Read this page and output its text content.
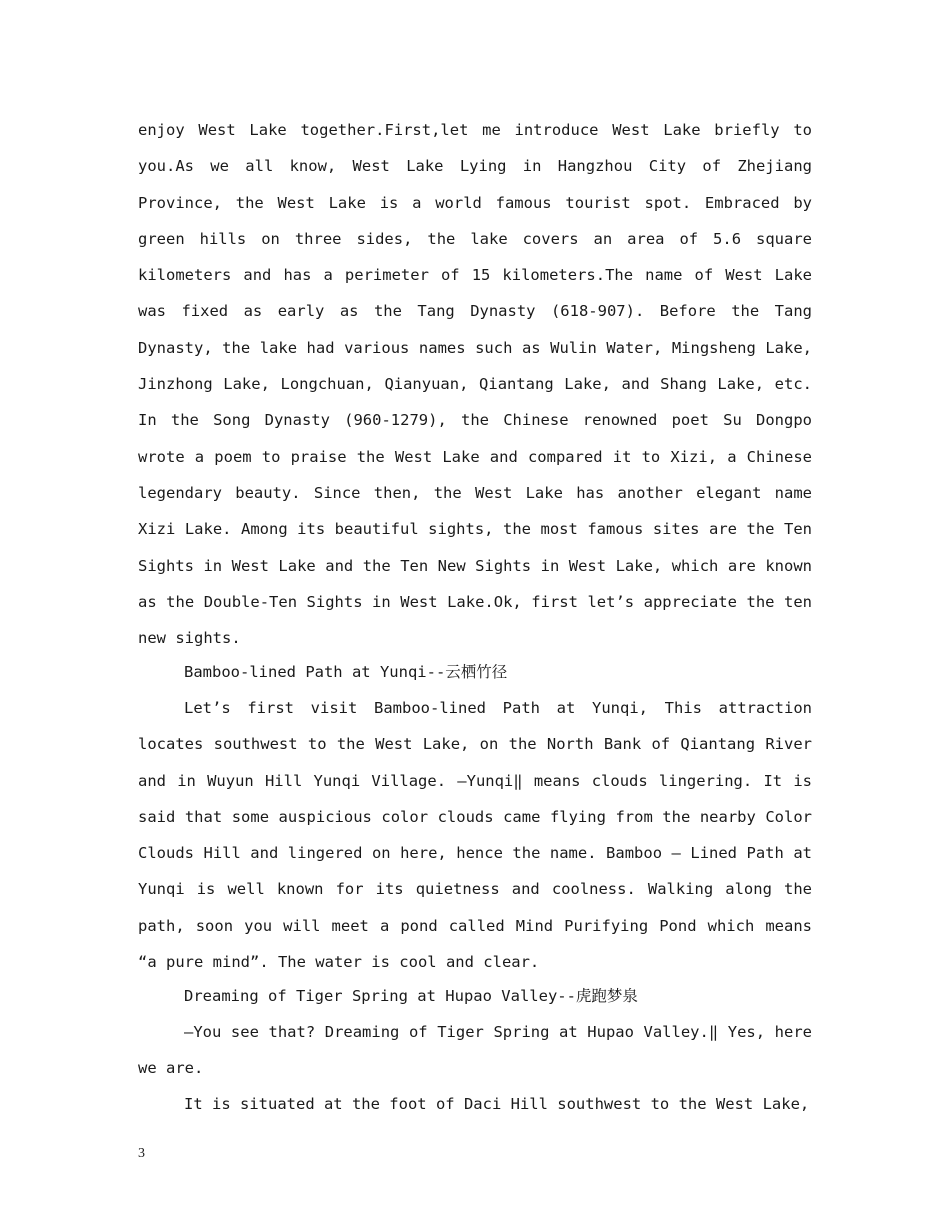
enjoy West Lake together.First,let me introduce West Lake briefly to you.As we all know, West Lake Lying in Hangzhou City of Zhejiang Province, the West Lake is a world famous tourist spot. Embraced by green hills on three sides, the lake covers an area of 5.6 square kilometers and has a perimeter of 15 kilometers.The name of West Lake was fixed as early as the Tang Dynasty (618-907). Before the Tang Dynasty, the lake had various names such as Wulin Water, Mingsheng Lake, Jinzhong Lake, Longchuan, Qianyuan, Qiantang Lake, and Shang Lake, etc. In the Song Dynasty (960-1279), the Chinese renowned poet Su Dongpo wrote a poem to praise the West Lake and compared it to Xizi, a Chinese legendary beauty. Since then, the West Lake has another elegant name Xizi Lake. Among its beautiful sights, the most famous sites are the Ten Sights in West Lake and the Ten New Sights in West Lake, which are known as the Double-Ten Sights in West Lake.Ok, first let’s appreciate the ten new sights.

Bamboo-lined Path at Yunqi--云栖竹径

Let’s first visit Bamboo-lined Path at Yunqi, This attraction locates southwest to the West Lake, on the North Bank of Qiantang River and in Wuyun Hill Yunqi Village. ―Yunqi‖ means clouds lingering. It is said that some auspicious color clouds came flying from the nearby Color Clouds Hill and lingered on here, hence the name. Bamboo – Lined Path at Yunqi is well known for its quietness and coolness. Walking along the path, soon you will meet a pond called Mind Purifying Pond which means “a pure mind”. The water is cool and clear.

Dreaming of Tiger Spring at Hupao Valley--虎跑梦泉

―You see that? Dreaming of Tiger Spring at Hupao Valley.‖ Yes, here we are.

It is situated at the foot of Daci Hill southwest to the West Lake,

3
